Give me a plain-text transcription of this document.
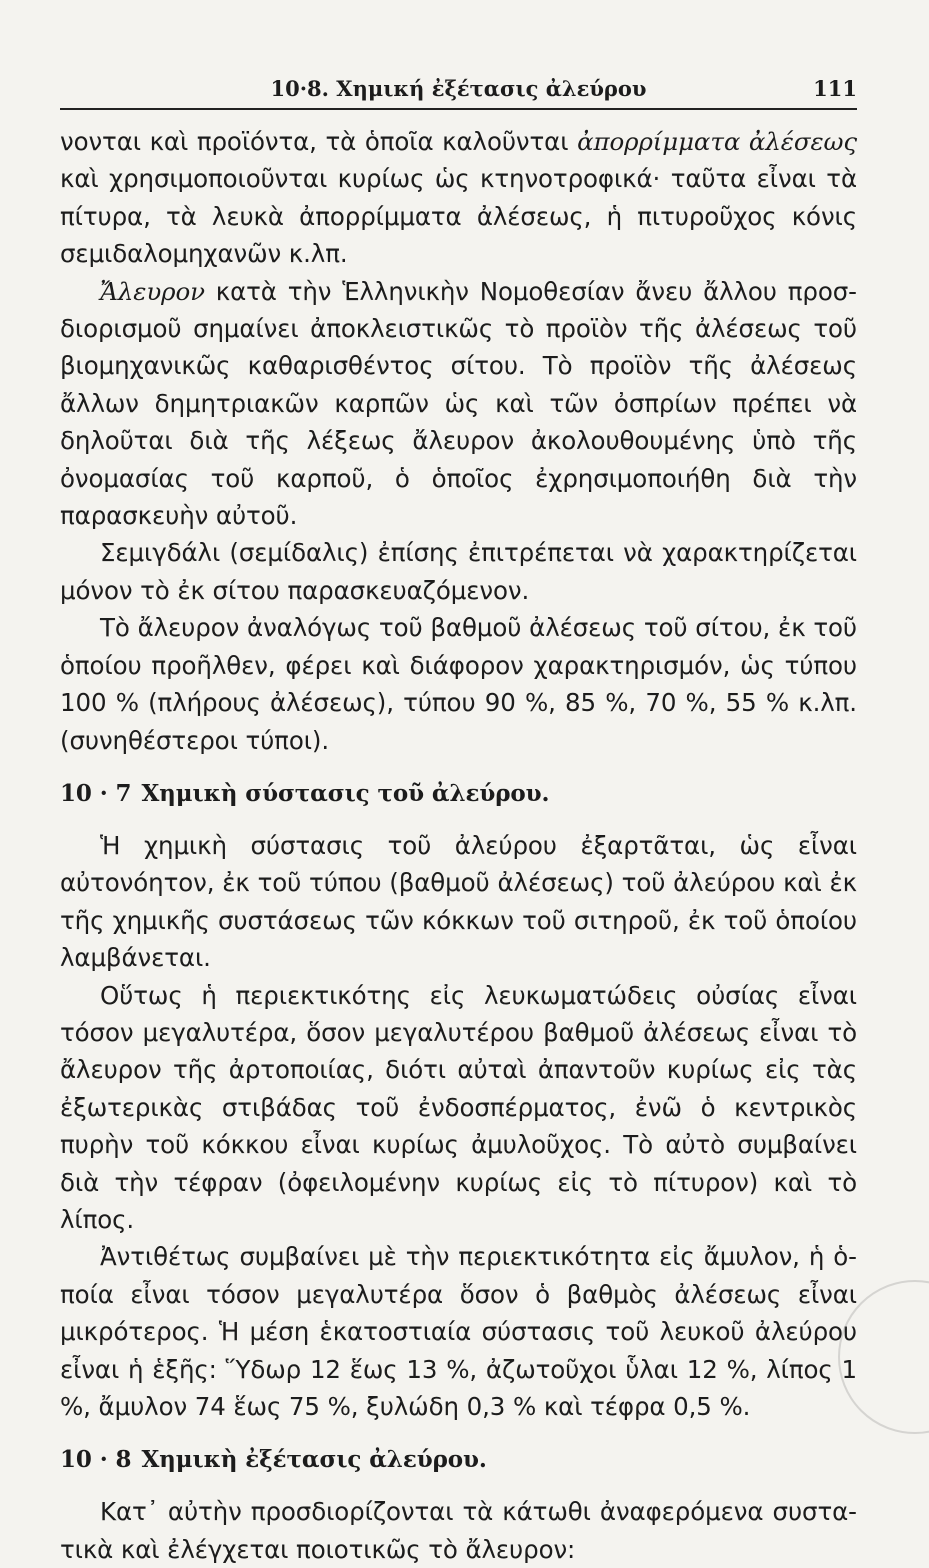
10·8. Χημική ἐξέτασις ἀλεύρου	111

νονται καὶ προϊόντα, τὰ ὁποῖα καλοῦνται ἀπορρίμματα ἀλέσεως καὶ χρησιμοποιοῦνται κυρίως ὡς κτηνοτροφικά· ταῦτα εἶναι τὰ πίτυρα, τὰ λευκὰ ἀπορρίμματα ἀλέσεως, ἡ πιτυροῦχος κόνις σεμιδαλομηχανῶν κ.λπ.

Ἄλευρον κατὰ τὴν Ἑλληνικὴν Νομοθεσίαν ἄνευ ἄλλου προσδιορισμοῦ σημαίνει ἀποκλειστικῶς τὸ προϊὸν τῆς ἀλέσεως τοῦ βιομηχανικῶς καθαρισθέντος σίτου. Τὸ προϊὸν τῆς ἀλέσεως ἄλλων δημητριακῶν καρπῶν ὡς καὶ τῶν ὀσπρίων πρέπει νὰ δηλοῦται διὰ τῆς λέξεως ἄλευρον ἀκολουθουμένης ὑπὸ τῆς ὀνομασίας τοῦ καρποῦ, ὁ ὁποῖος ἐχρησιμοποιήθη διὰ τὴν παρασκευὴν αὐτοῦ.

Σεμιγδάλι (σεμίδαλις) ἐπίσης ἐπιτρέπεται νὰ χαρακτηρίζεται μόνον τὸ ἐκ σίτου παρασκευαζόμενον.

Τὸ ἄλευρον ἀναλόγως τοῦ βαθμοῦ ἀλέσεως τοῦ σίτου, ἐκ τοῦ ὁποίου προῆλθεν, φέρει καὶ διάφορον χαρακτηρισμόν, ὡς τύπου 100 % (πλήρους ἀλέσεως), τύπου 90 %, 85 %, 70 %, 55 % κ.λπ. (συνηθέστεροι τύποι).

10 · 7 Χημικὴ σύστασις τοῦ ἀλεύρου.

Ἡ χημικὴ σύστασις τοῦ ἀλεύρου ἐξαρτᾶται, ὡς εἶναι αὐτονόητον, ἐκ τοῦ τύπου (βαθμοῦ ἀλέσεως) τοῦ ἀλεύρου καὶ ἐκ τῆς χημικῆς συστάσεως τῶν κόκκων τοῦ σιτηροῦ, ἐκ τοῦ ὁποίου λαμβάνεται.

Οὕτως ἡ περιεκτικότης εἰς λευκωματώδεις οὐσίας εἶναι τόσον μεγαλυτέρα, ὅσον μεγαλυτέρου βαθμοῦ ἀλέσεως εἶναι τὸ ἄλευρον τῆς ἀρτοποιίας, διότι αὐταὶ ἀπαντοῦν κυρίως εἰς τὰς ἐξωτερικὰς στιβάδας τοῦ ἐνδοσπέρματος, ἐνῶ ὁ κεντρικὸς πυρὴν τοῦ κόκκου εἶναι κυρίως ἀμυλοῦχος. Τὸ αὐτὸ συμβαίνει διὰ τὴν τέφραν (ὀφειλομένην κυρίως εἰς τὸ πίτυρον) καὶ τὸ λίπος.

Ἀντιθέτως συμβαίνει μὲ τὴν περιεκτικότητα εἰς ἄμυλον, ἡ ὁποία εἶναι τόσον μεγαλυτέρα ὅσον ὁ βαθμὸς ἀλέσεως εἶναι μικρότερος. Ἡ μέση ἑκατοστιαία σύστασις τοῦ λευκοῦ ἀλεύρου εἶναι ἡ ἑξῆς: Ὕδωρ 12 ἕως 13 %, ἀζωτοῦχοι ὗλαι 12 %, λίπος 1 %, ἄμυλον 74 ἕως 75 %, ξυλώδη 0,3 % καὶ τέφρα 0,5 %.

10 · 8 Χημικὴ ἐξέτασις ἀλεύρου.

Κατ᾽ αὐτὴν προσδιορίζονται τὰ κάτωθι ἀναφερόμενα συστατικὰ καὶ ἐλέγχεται ποιοτικῶς τὸ ἄλευρον:
